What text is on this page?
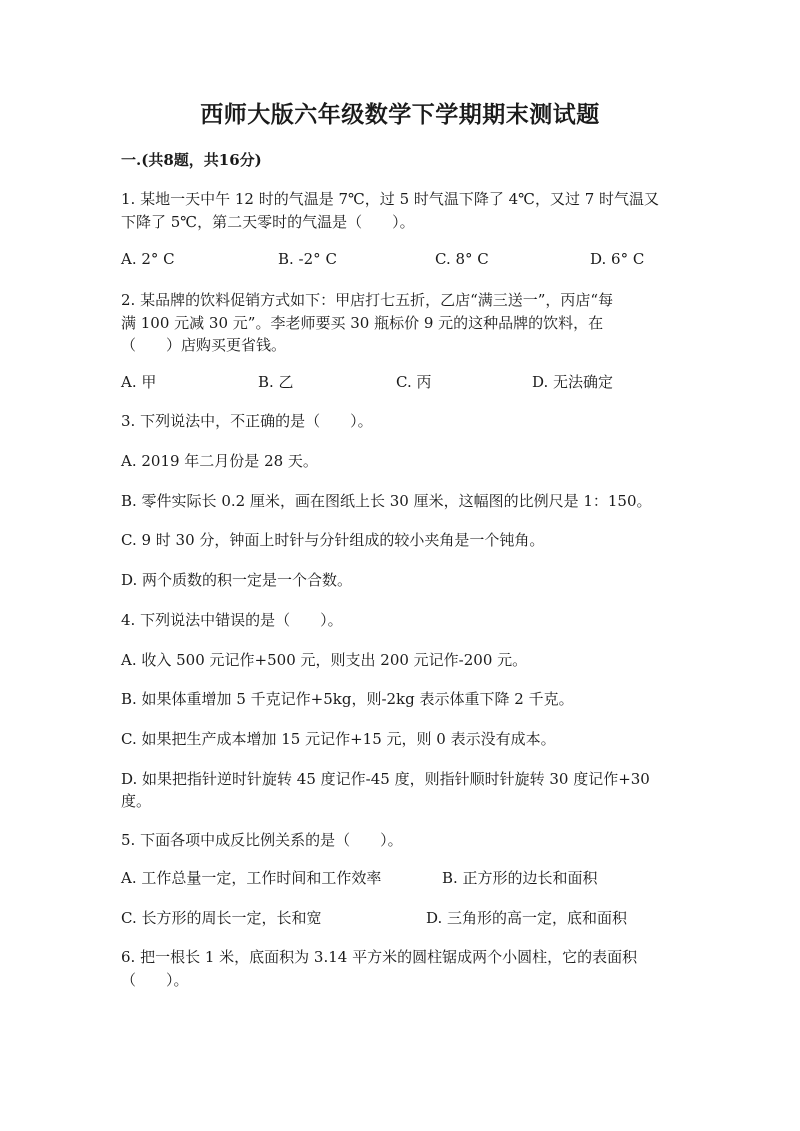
西师大版六年级数学下学期期末测试题
一.(共8题，共16分)
1. 某地一天中午 12 时的气温是 7℃，过 5 时气温下降了 4℃，又过 7 时气温又
下降了 5℃，第二天零时的气温是（　　）。
A. 2° C	B. -2° C	C. 8° C	D. 6° C
2. 某品牌的饮料促销方式如下：甲店打七五折，乙店“满三送一”，丙店“每
满 100 元减 30 元”。李老师要买 30 瓶标价 9 元的这种品牌的饮料，在
（　　）店购买更省钱。
A. 甲	B. 乙	C. 丙	D. 无法确定
3. 下列说法中，不正确的是（　　）。
A. 2019 年二月份是 28 天。
B. 零件实际长 0.2 厘米，画在图纸上长 30 厘米，这幅图的比例尺是 1：150。
C. 9 时 30 分，钟面上时针与分针组成的较小夹角是一个钝角。
D. 两个质数的积一定是一个合数。
4. 下列说法中错误的是（　　）。
A. 收入 500 元记作+500 元，则支出 200 元记作-200 元。
B. 如果体重增加 5 千克记作+5kg，则-2kg 表示体重下降 2 千克。
C. 如果把生产成本增加 15 元记作+15 元，则 0 表示没有成本。
D. 如果把指针逆时针旋转 45 度记作-45 度，则指针顺时针旋转 30 度记作+30
度。
5. 下面各项中成反比例关系的是（　　）。
A. 工作总量一定，工作时间和工作效率	B. 正方形的边长和面积
C. 长方形的周长一定，长和宽	D. 三角形的高一定，底和面积
6. 把一根长 1 米，底面积为 3.14 平方米的圆柱锯成两个小圆柱，它的表面积
（　　）。
